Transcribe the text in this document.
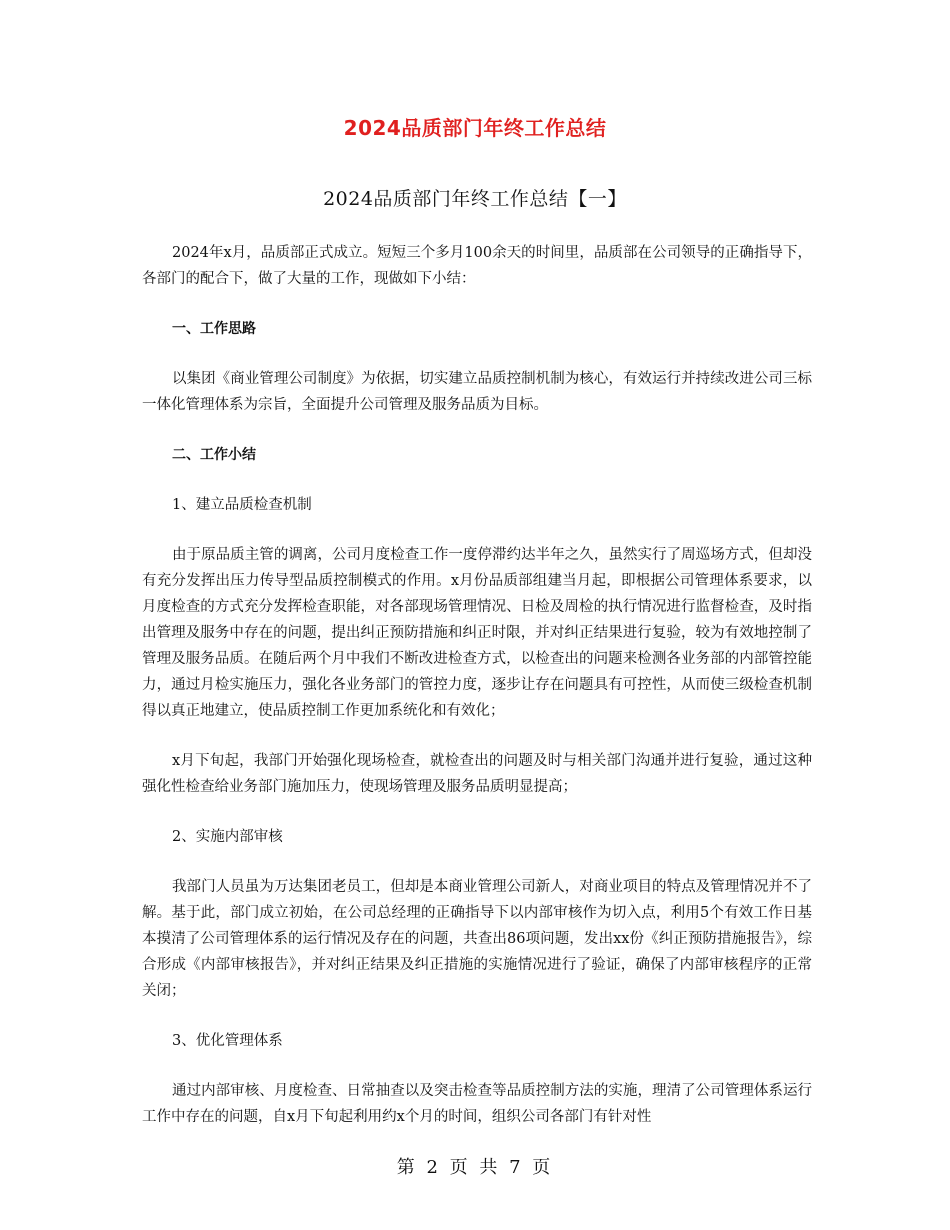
2024品质部门年终工作总结
2024品质部门年终工作总结【一】

2024年x月，品质部正式成立。短短三个多月100余天的时间里，品质部在公司领导的正确指导下，各部门的配合下，做了大量的工作，现做如下小结：

一、工作思路

以集团《商业管理公司制度》为依据，切实建立品质控制机制为核心，有效运行并持续改进公司三标一体化管理体系为宗旨，全面提升公司管理及服务品质为目标。

二、工作小结

1、建立品质检查机制

由于原品质主管的调离，公司月度检查工作一度停滞约达半年之久，虽然实行了周巡场方式，但却没有充分发挥出压力传导型品质控制模式的作用。x月份品质部组建当月起，即根据公司管理体系要求，以月度检查的方式充分发挥检查职能，对各部现场管理情况、日检及周检的执行情况进行监督检查，及时指出管理及服务中存在的问题，提出纠正预防措施和纠正时限，并对纠正结果进行复验，较为有效地控制了管理及服务品质。在随后两个月中我们不断改进检查方式，以检查出的问题来检测各业务部的内部管控能力，通过月检实施压力，强化各业务部门的管控力度，逐步让存在问题具有可控性，从而使三级检查机制得以真正地建立，使品质控制工作更加系统化和有效化；

x月下旬起，我部门开始强化现场检查，就检查出的问题及时与相关部门沟通并进行复验，通过这种强化性检查给业务部门施加压力，使现场管理及服务品质明显提高；

2、实施内部审核

我部门人员虽为万达集团老员工，但却是本商业管理公司新人，对商业项目的特点及管理情况并不了解。基于此，部门成立初始，在公司总经理的正确指导下以内部审核作为切入点，利用5个有效工作日基本摸清了公司管理体系的运行情况及存在的问题，共查出86项问题，发出xx份《纠正预防措施报告》，综合形成《内部审核报告》，并对纠正结果及纠正措施的实施情况进行了验证，确保了内部审核程序的正常关闭；

3、优化管理体系

通过内部审核、月度检查、日常抽查以及突击检查等品质控制方法的实施，理清了公司管理体系运行工作中存在的问题，自x月下旬起利用约x个月的时间，组织公司各部门有针对性

第 2 页 共 7 页
